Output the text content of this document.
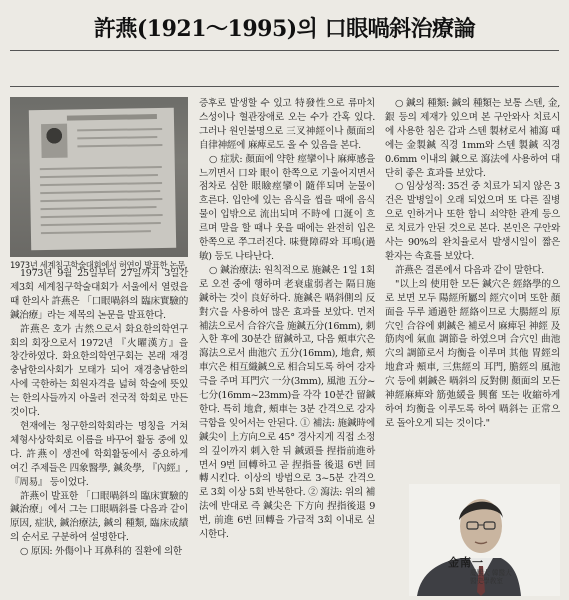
許燕(1921～1995)의 口眼喎斜治療論
1973년 세계침구학술대회에서 허연이 발표한 논문.

1973년 9월 25일부터 27일까지 3일간 제3회 세계침구학술대회가 서울에서 열렸을 때 한의사 許燕은 「口眼喎斜의 臨床實驗的 鍼治療」라는 제목의 논문을 발표한다.

許燕은 호가 古然으로서 화요한의학연구회의 회장으로서 1972년 『火曜漢方』을 창간하였다. 화요한의학연구회는 본래 재경충남한의사회가 모태가 되어 재경충남한의사에 국한하는 회원자격을 넓혀 학술에 뜻있는 한의사들까지 아울러 전국적 학회로 만든 것이다.

현재에는 청구한의학회라는 명칭을 거쳐 체형사상학회로 이름을 바꾸어 활동 중에 있다. 許燕이 생전에 학회활동에서 중요하게 여긴 주제들은 四象醫學, 鍼灸學, 『內經』, 『周易』 등이었다.

許燕이 발표한 「口眼喎斜의 臨床實驗的 鍼治療」에서 그는 口眼喎斜를 다음과 같이 原因, 症狀, 鍼治療法, 鍼의 種類, 臨床成績의 순서로 구분하여 설명한다.

○ 原因: 外傷이나 耳鼻科的 질환에 의한

증후로 발생할 수 있고 特發性으로 류마치스성이나 혈관장애로 오는 수가 간혹 있다. 그러나 원인불명으로 三叉神經이나 顏面의 自律神經에 麻痺로도 올 수 있음을 본다.

○ 症狀: 顏面에 약한 痙攣이나 麻痺感을 느끼면서 口와 眼이 한쪽으로 기울어지면서 점차로 심한 眼瞼痙攣이 隨伴되며 눈물이 흐른다. 입안에 있는 음식을 씹을 때에 음식물이 입밖으로 流出되며 不時에 口涎이 흐르며 말을 할 때나 웃을 때에는 완전히 입은 한쪽으로 쭈그러진다. 味覺障碍와 耳鳴(過敏) 등도 나타난다.

○ 鍼治療法: 원칙적으로 施鍼은 1일 1회로 오전 중에 행하며 老衰虛弱者는 隔日施鍼하는 것이 良好하다. 施鍼은 喎斜側의 反對穴을 사용하여 많은 효과를 보았다. 먼저 補法으로서 合谷穴을 施鍼五分(16mm), 刺入한 후에 30분간 留鍼하고, 다음 頰車穴은 瀉法으로서 曲池穴 五分(16mm), 地倉, 頰車穴은 相互織鍼으로 相合되도록 하여 강자극을 주며 耳門穴 一分(3mm), 風池 五分~七分(16mm~23mm)을 각각 10분간 留鍼한다. 특히 地倉, 頰車는 3분 간격으로 강자극함을 잊어서는 안된다. ① 補法: 施鍼時에 鍼尖이 上方向으로 45° 경사지게 직접 소정의 깊이까지 刺入한 뒤 鍼頭를 捏指前進하면서 9번 回轉하고 곧 捏指를 後退 6번 回轉시킨다. 이상의 방법으로 3~5분 간격으로 3회 이상 5회 반복한다. ② 瀉法: 위의 補法에 반대로 즉 鍼尖은 下方向 捏指後退 9번, 前進 6번 回轉을 가급적 3회 이내로 실시한다.

○ 鍼의 種類: 鍼의 種類는 보통 스텐, 金, 銀 등의 제재가 있으며 본 구안와사 치료시에 사용한 침은 갑과 스텐 製材로서 補瀉 때에는 金製鍼 직경 1mm와 스텐 製鍼 직경 0.6mm 이내의 鍼으로 瀉法에 사용하여 대단히 좋은 효과를 보았다.

○ 임상성적: 35건 중 치료가 되지 않은 3건은 발병일이 오래 되었으며 또 다른 질병으로 인하거나 또한 합니 쇠약한 관계 등으로 치료가 안된 것으로 본다. 본인은 구안와사는 90%의 완치율로서 발생시일이 짧은 환자는 속효를 보았다.

許燕은 결론에서 다음과 같이 말한다.

"以上의 使用한 모든 鍼穴은 經絡學的으로 보면 모두 陽經所屬의 經穴이며 또한 顏面을 두루 通過한 經絡이므로 大腸經의 原穴인 合谷에 刺鍼은 補로서 麻痺된 神經 及 筋肉에 氣血 調節을 하였으며 合穴인 曲池穴의 調節로서 均衡을 이루며 其他 胃經의 地倉과 頰車, 三焦經의 耳門, 膽經의 風池穴 등에 刺鍼은 喎斜의 反對側 顏面의 모든 神經麻痺와 筋弛緩을 興奮 또는 收縮하게 하여 均衡을 이루도록 하여 喎斜는 正常으로 돌아오게 되는 것이다."

金南一
慶熙大 韓醫大
醫史學敎室
